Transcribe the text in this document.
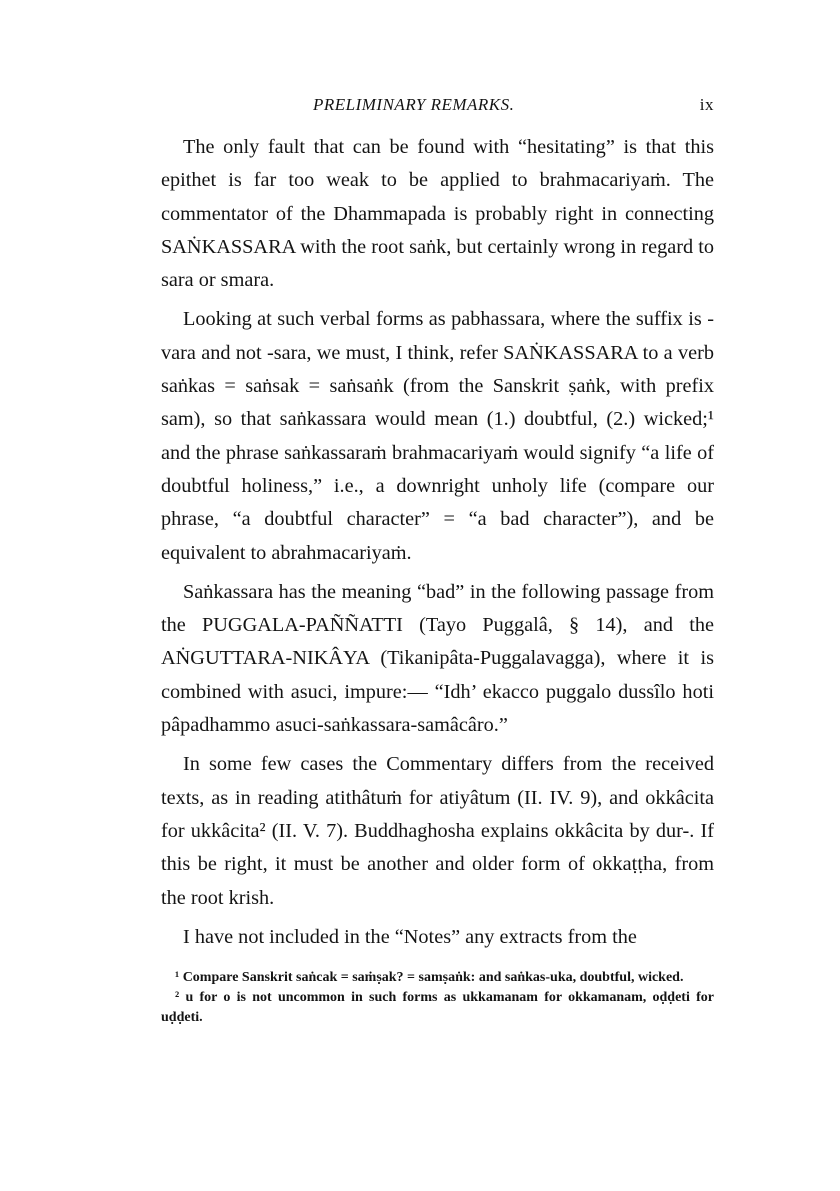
PRELIMINARY REMARKS.	ix

The only fault that can be found with “hesitating” is that this epithet is far too weak to be applied to brahmacariyaṁ. The commentator of the Dhammapada is probably right in connecting SAṄKASSARA with the root saṅk, but certainly wrong in regard to sara or smara.

Looking at such verbal forms as pabhassara, where the suffix is -vara and not -sara, we must, I think, refer SAṄKASSARA to a verb saṅkas = saṅsak = saṅsaṅk (from the Sanskrit ṣaṅk, with prefix sam), so that saṅkassara would mean (1.) doubtful, (2.) wicked;¹ and the phrase saṅkassaraṁ brahmacariyaṁ would signify “a life of doubtful holiness,” i.e., a downright unholy life (compare our phrase, “a doubtful character” = “a bad character”), and be equivalent to abrahmacariyaṁ.

Saṅkassara has the meaning “bad” in the following passage from the PUGGALA-PAÑÑATTI (Tayo Puggalâ, § 14), and the AṄGUTTARA-NIKÂYA (Tikanipâta-Puggalavagga), where it is combined with asuci, impure:— “Idh’ ekacco puggalo dussîlo hoti pâpadhammo asuci-saṅkassara-samâcâro.”

In some few cases the Commentary differs from the received texts, as in reading atithâtuṁ for atiyâtum (II. IV. 9), and okkâcita for ukkâcita² (II. V. 7). Buddhaghosha explains okkâcita by dur-. If this be right, it must be another and older form of okkaṭṭha, from the root krish.

I have not included in the “Notes” any extracts from the

¹ Compare Sanskrit saṅcak = saṁṣak? = samṣaṅk: and saṅkas-uka, doubtful, wicked.

² u for o is not uncommon in such forms as ukkamanam for okkamanam, oḍḍeti for uḍḍeti.
